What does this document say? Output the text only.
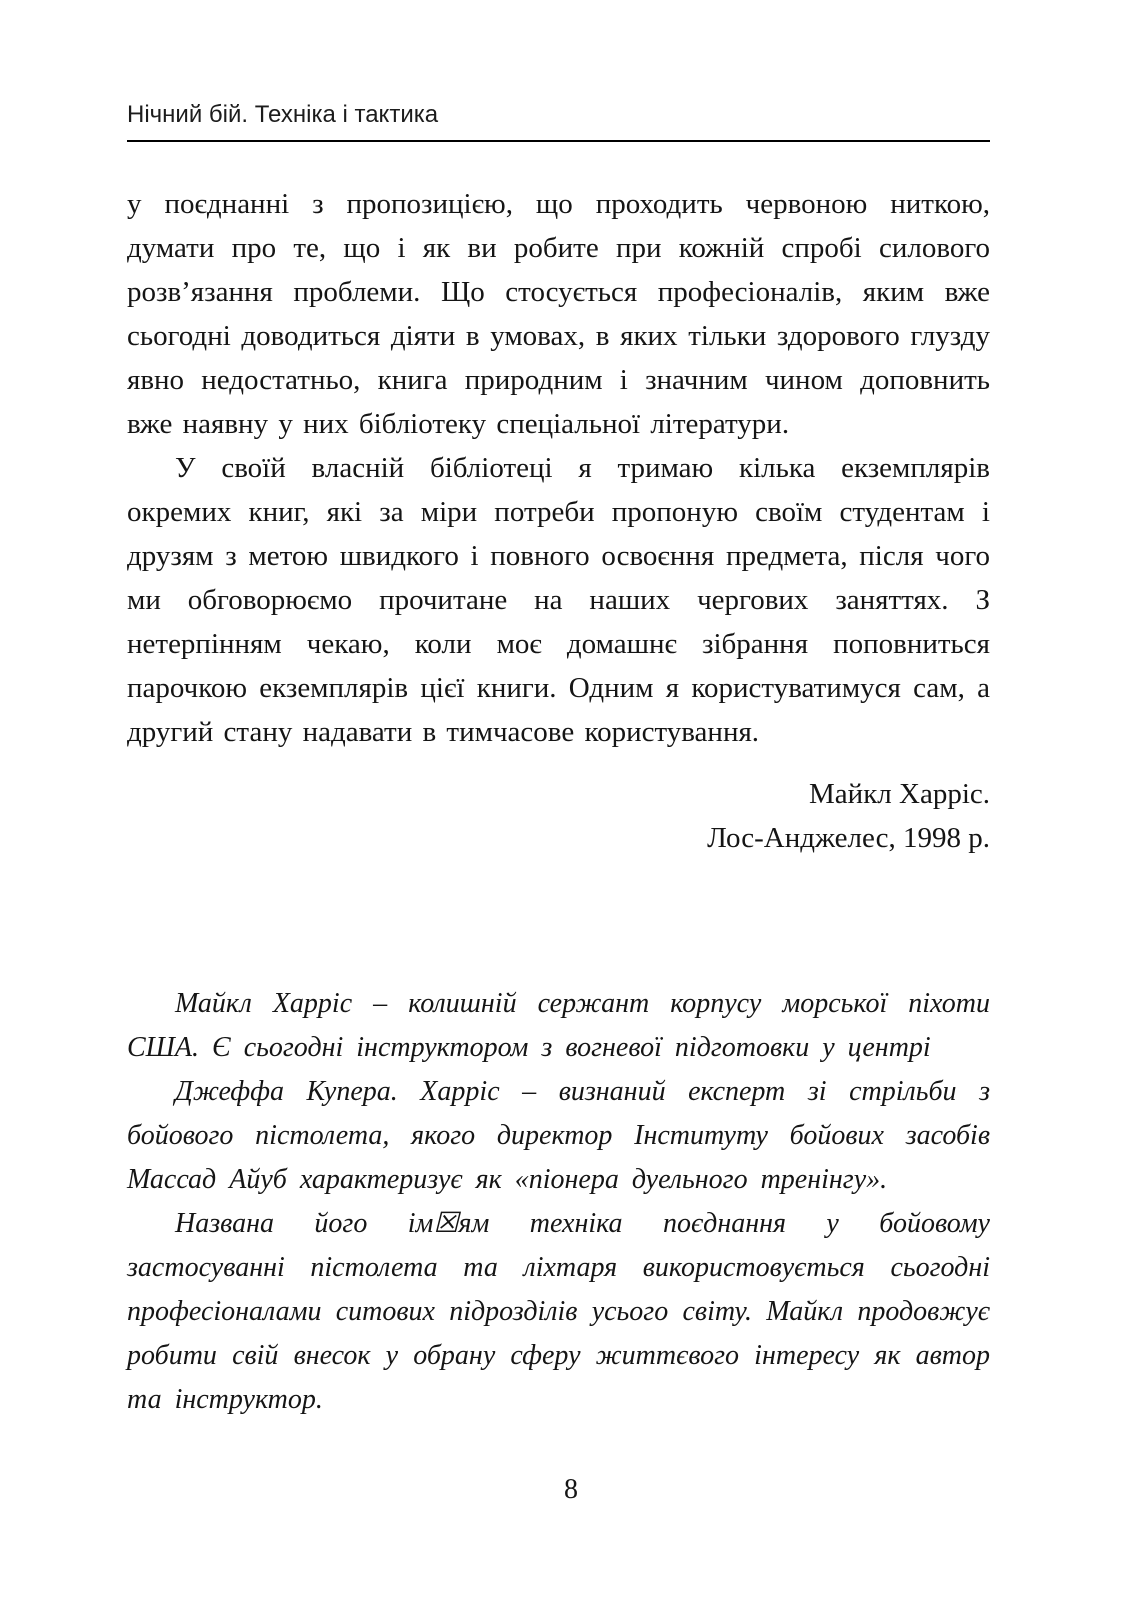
Нічний бій. Техніка і тактика

у поєднанні з пропозицією, що проходить червоною ниткою, думати про те, що і як ви робите при кожній спробі силового розв’язання проблеми. Що стосується професіоналів, яким вже сьогодні доводиться діяти в умовах, в яких тільки здорового глузду явно недостатньо, книга природним і значним чином доповнить вже наявну у них бібліотеку спеціальної літератури.

У своїй власній бібліотеці я тримаю кілька екземплярів окремих книг, які за міри потреби пропоную своїм студентам і друзям з метою швидкого і повного освоєння предмета, після чого ми обговорюємо прочитане на наших чергових заняттях. З нетерпінням чекаю, коли моє домашнє зібрання поповниться парочкою екземплярів цієї книги. Одним я користуватимуся сам, а другий стану надавати в тимчасове користування.

Майкл Харріс.
Лос-Анджелес, 1998 р.

Майкл Харріс – колишній сержант корпусу морської піхоти США. Є сьогодні інструктором з вогневої підготовки у центрі

Джеффа Купера. Харріс – визнаний експерт зі стрільби з бойового пістолета, якого директор Інституту бойових засобів Массад Айуб характеризує як «піонера дуельного тренінгу».

Названа його ім☒ям техніка поєднання у бойовому застосуванні пістолета та ліхтаря використовується сьогодні професіоналами ситових підрозділів усього світу. Майкл продовжує робити свій внесок у обрану сферу життєвого інтересу як автор та інструктор.

8
